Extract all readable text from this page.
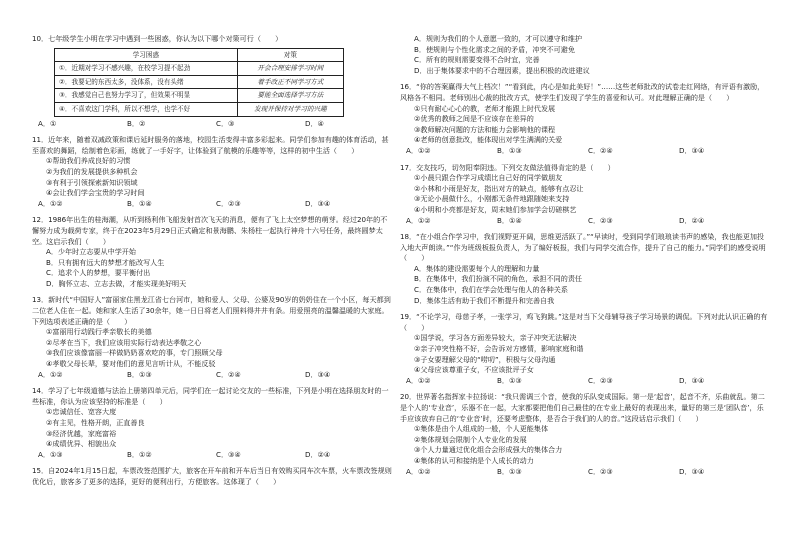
10．七年级学生小明在学习中遇到一些困惑，你认为以下哪个对策可行（　　）

学习困惑	对策
①．近期对学习不感兴趣，在校学习提不起劲	开会合理安排学习时间
②．我要记的东西太多，没体系，没有头绪	着手改正不同学习方式
③．我感觉自己也努力学习了，但效果不明显	要能全面选择学习方法
④．不喜欢这门学科，所以不想学，也学不好	发现并保持对学习的兴趣
A．①	B．②	C．③	D．④

11．近年来，随着双减政策和课后延时服务的落地，校园生活变得丰富多彩起来。同学们参加有趣的体育活动，甚至喜欢的舞蹈，绘制着色彩画，练就了一手好字，让体验到了航模的乐趣等等，这样的初中生活（　　）

①帮助我们养成良好的习惯

②为我们的发展提供多种机会

③有利于引领探索新知识领域

④会让我们学会宝贵的学习时间

A．①②	B．①④	C．②③	D．③④

12．1986年出生的桂海潮，从听到杨利伟飞船发射首次飞天的消息，便有了飞上太空梦想的萌芽。经过20年的不懈努力成为载荷专家，终于在2023年5月29日正式确定和景海鹏、朱杨柱一起执行神舟十六号任务，最终圆梦太空。这启示我们（　　）

A．少年时立志要从中学开始

B．只有拥有远大的梦想才能改写人生

C．追求个人的梦想，要平衡付出

D．胸怀立志、立志去做，才能实现美好明天

13．新时代“中国好人”富丽家住黑龙江省七台河市，她和爱人、父母、公婆及90岁的奶奶住在一个小区，每天都到二位老人住在一起。她和家人生活了30余年，她一日日将老人们照料得井井有条。用爱照亮的温馨温暖的大家庭。下列选项表述正确的是（　　）

①富丽用行动践行孝亲敬长的美德

②尽孝在当下，我们应该用实际行动表达孝敬之心

③我们应该像富丽一样做奶奶喜欢吃的事，专门照顾父母

④孝敬父母长辈，要对他们的意见言听计从，不能反驳

A．①②	B．①③	C．②④	D．③④

14．学习了七年级道德与法治上册第四单元后，同学们在一起讨论交友的一些标准，下列是小明在选择朋友时的一些标准，你认为应该坚持的标准是（　　）

①忠诚信任、宽容大度

②有主见，性格开朗，正直善良

③经济优越，家庭富裕

④成绩优异、相貌出众

A．①③	B．①②	C．③④	D．②④

15．自2024年1月15日起，车票改签范围扩大，旅客在开车前和开车后当日有效购买同车次车票，火车票改签规则优化后，旅客多了更多的选择，更好的便利出行，方便旅客。这体现了（　　）

A．规则为我们的个人意愿一致的，才可以遵守和维护

B．使规则与个性化需求之间的矛盾，冲突不可避免

C．所有的规则需要变得不合时宜，完善

D．出于集体要求中的不合理因素，提出积极的改进建议

16．“你的答案赢得大气上档次！”“看到此，内心是如此美好！”……这些老师批改的试卷走红网络，有评语有激励，风格各不相同。老师别出心裁的批改方式，使学生们发现了学生的喜爱和认可。对此理解正确的是（　　）

①只有耐心心心的教，老师才能跟上时代发展

②优秀的教师之间是不应该存在差异的

③教师解决问题的方法和能力会影响他的课程

④老师的创意批改，能体现出对学生满满的关爱

A．①②	B．①③	C．②④	D．③④

17．交友技巧，切勿阳奉阴违。下列交友做法值得肯定的是（　　）

①小晨只跟合作学习成绩比自己好的同学做朋友

②小林和小雨是好友，指出对方的缺点，能够有点忍让

③无论小晨做什么，小刚都无条件地跟随她来支持

④小明和小亮都是好友，周末她们参加学会切磋棋艺

A．①②	B．①④	C．②③	D．②④

18．“在小组合作学习中，我们视野更开阔，思维更活跃了。”“早读时，受到同学们琅琅读书声的感染，我也能更加投入地大声朗读。”“作为班级板报负责人，为了编好板报，我们与同学交流合作，提升了自己的能力。”同学们的感受说明（　　）

A．集体的建设需要每个人的理解和力量

B．在集体中，我们扮演不同的角色，承担不同的责任

C．在集体中，我们在学会处理与他人的各种关系

D．集体生活有助于我们不断提升和完善自我

19．“不论学习，母慈子孝，一张学习，鸡飞狗跳。”这是对当下父母辅导孩子学习场景的调侃。下列对此认识正确的有（　　）

①国学说，学习各方面差异较大，亲子冲突无法解决

②亲子冲突性格不好，会告诉对方感情，影响家庭和谐

③子女要理解父母的“唠叨”，积极与父母沟通

④父母应该尊重子女，不应该批评子女

A．①②	B．①③	C．②③	D．③④

20．世界著名指挥家卡拉扬说：“我只需调三个音，使我的乐队变成国际。第一是‘起音’，起音不齐，乐曲就乱。第二是个人的‘专业音’，乐器不在一起，大家都要把他们自己最佳的在专业上最好的表现出来，量好的第三是‘团队音’，乐手应该放弃自己的‘专业音’时，还要考虑整体，是否合于我们的人的音。”这段话启示我们（　　）

①集体是由个人组成的一般，个人更能集体

②集体规划会限制个人专业化的发展

③个人力量通过优化组合会形成强大的集体合力

④集体的认可和接纳是个人成长的动力

A．①②	B．①③	C．②③	D．③④
